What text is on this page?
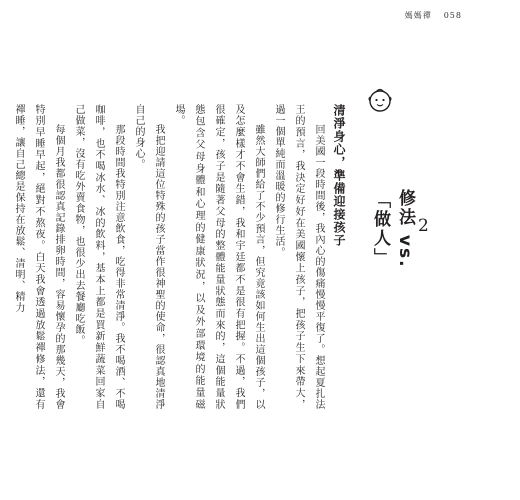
媽媽禪 058
2
修法 vs.
「做人」
清淨身心，準備迎接孩子

回美國一段時間後，我內心的傷痛慢慢平復了。想起夏扎法王的預言，我決定好好在美國懷上孩子，把孩子生下來帶大，過一個單純而溫暖的修行生活。

雖然大師們給了不少預言，但究竟該如何生出這個孩子，以及怎麼樣才不會生錯，我和宇廷都不是很有把握。不過，我們很確定，孩子是隨著父母的整體能量狀態而來的，這個能量狀態包含父母身體和心理的健康狀況，以及外部環境的能量磁場。

我把迎請這位特殊的孩子當作很神聖的使命，很認真地清淨自己的身心。

那段時間我特別注意飲食，吃得非常清淨。我不喝酒、不喝咖啡，也不喝冰水、冰的飲料，基本上都是買新鮮蔬菜回家自己做菜，沒有吃外賣食物，也很少出去餐廳吃飯。

每個月我都很認真記錄排卵時間，容易懷孕的那幾天，我會特別早睡早起，絕對不熬夜。白天我會透過放鬆禪修法，還有禪睡，讓自己總是保持在放鬆、清明、精力
